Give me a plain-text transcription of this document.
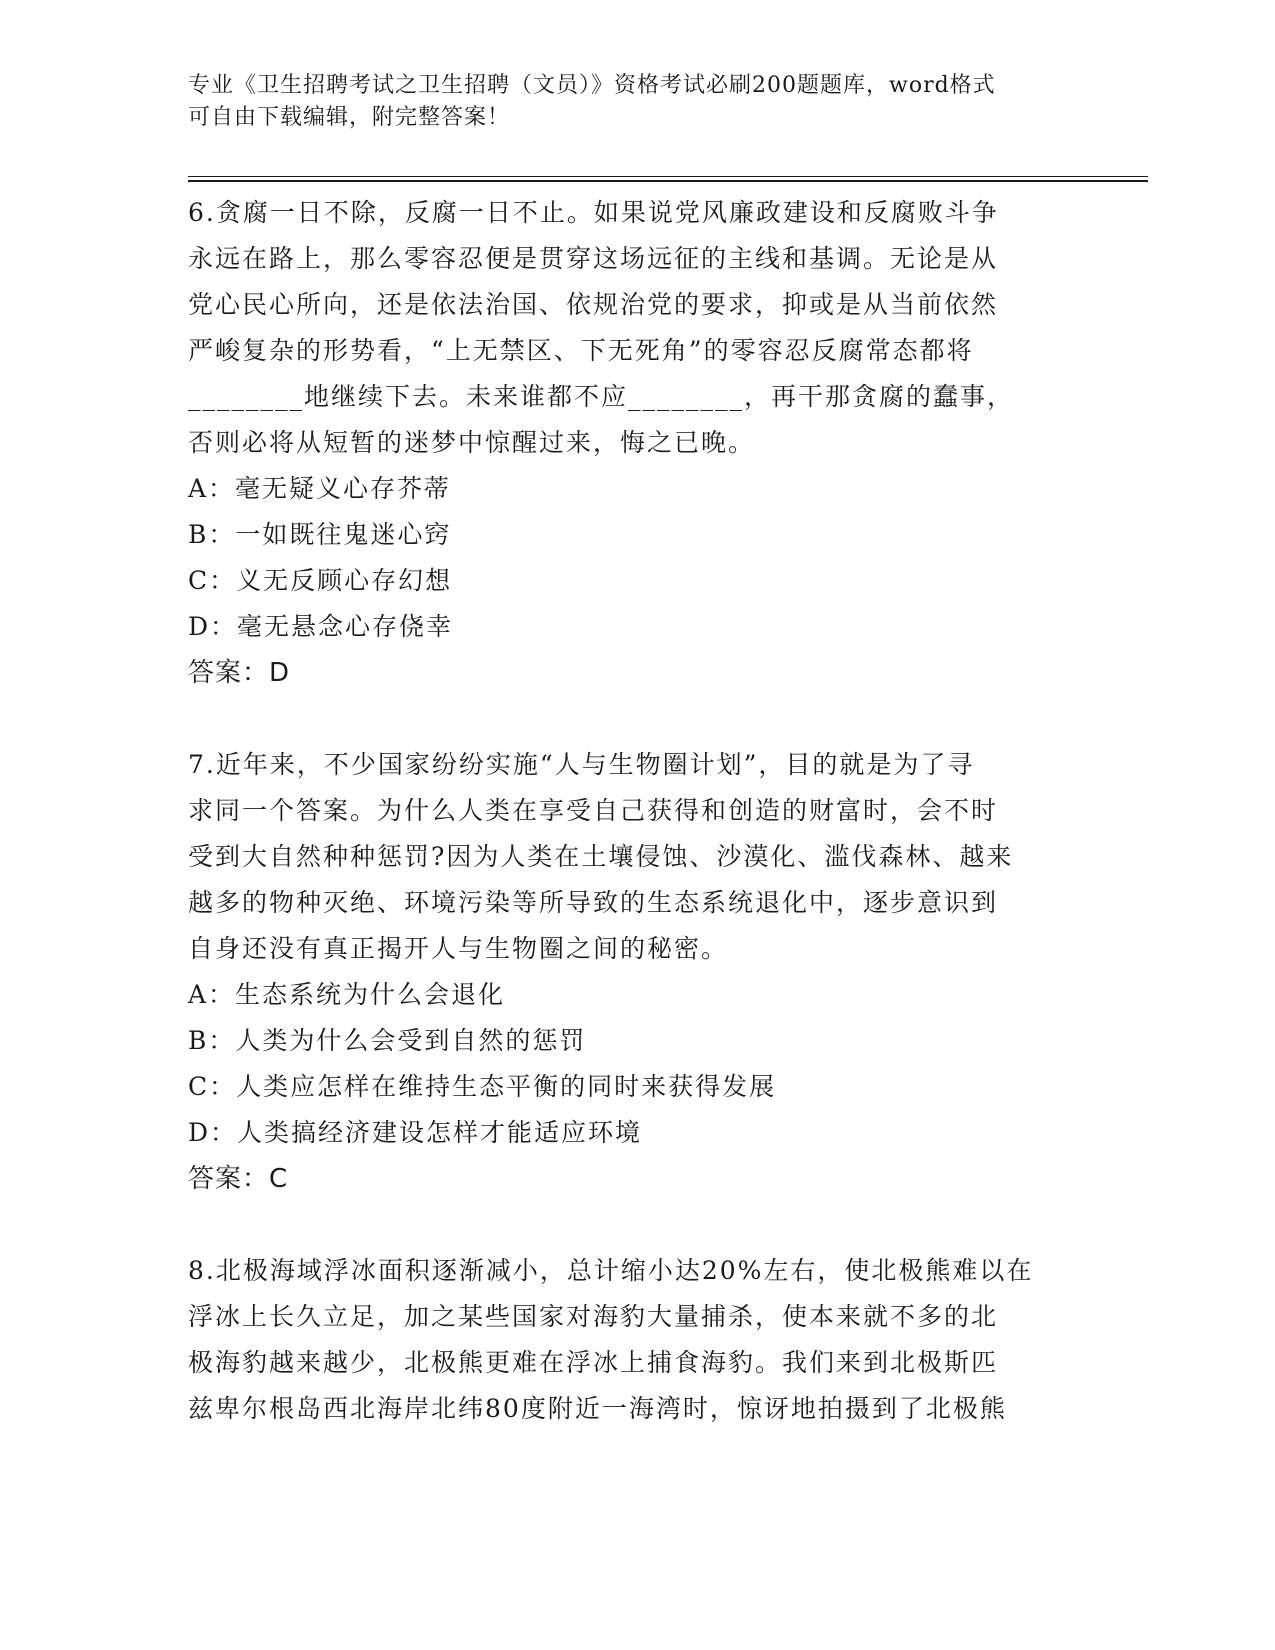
专业《卫生招聘考试之卫生招聘（文员）》资格考试必刷200题题库，word格式
可自由下载编辑，附完整答案！

6.贪腐一日不除，反腐一日不止。如果说党风廉政建设和反腐败斗争

永远在路上，那么零容忍便是贯穿这场远征的主线和基调。无论是从

党心民心所向，还是依法治国、依规治党的要求，抑或是从当前依然

严峻复杂的形势看，“上无禁区、下无死角”的零容忍反腐常态都将

________地继续下去。未来谁都不应________，再干那贪腐的蠢事，

否则必将从短暂的迷梦中惊醒过来，悔之已晚。

A：毫无疑义心存芥蒂

B：一如既往鬼迷心窍

C：义无反顾心存幻想

D：毫无悬念心存侥幸

答案：D

7.近年来，不少国家纷纷实施“人与生物圈计划”，目的就是为了寻

求同一个答案。为什么人类在享受自己获得和创造的财富时，会不时

受到大自然种种惩罚?因为人类在土壤侵蚀、沙漠化、滥伐森林、越来

越多的物种灭绝、环境污染等所导致的生态系统退化中，逐步意识到

自身还没有真正揭开人与生物圈之间的秘密。

A：生态系统为什么会退化

B：人类为什么会受到自然的惩罚

C：人类应怎样在维持生态平衡的同时来获得发展

D：人类搞经济建设怎样才能适应环境

答案：C

8.北极海域浮冰面积逐渐减小，总计缩小达20%左右，使北极熊难以在

浮冰上长久立足，加之某些国家对海豹大量捕杀，使本来就不多的北

极海豹越来越少，北极熊更难在浮冰上捕食海豹。我们来到北极斯匹

兹卑尔根岛西北海岸北纬80度附近一海湾时，惊讶地拍摄到了北极熊
